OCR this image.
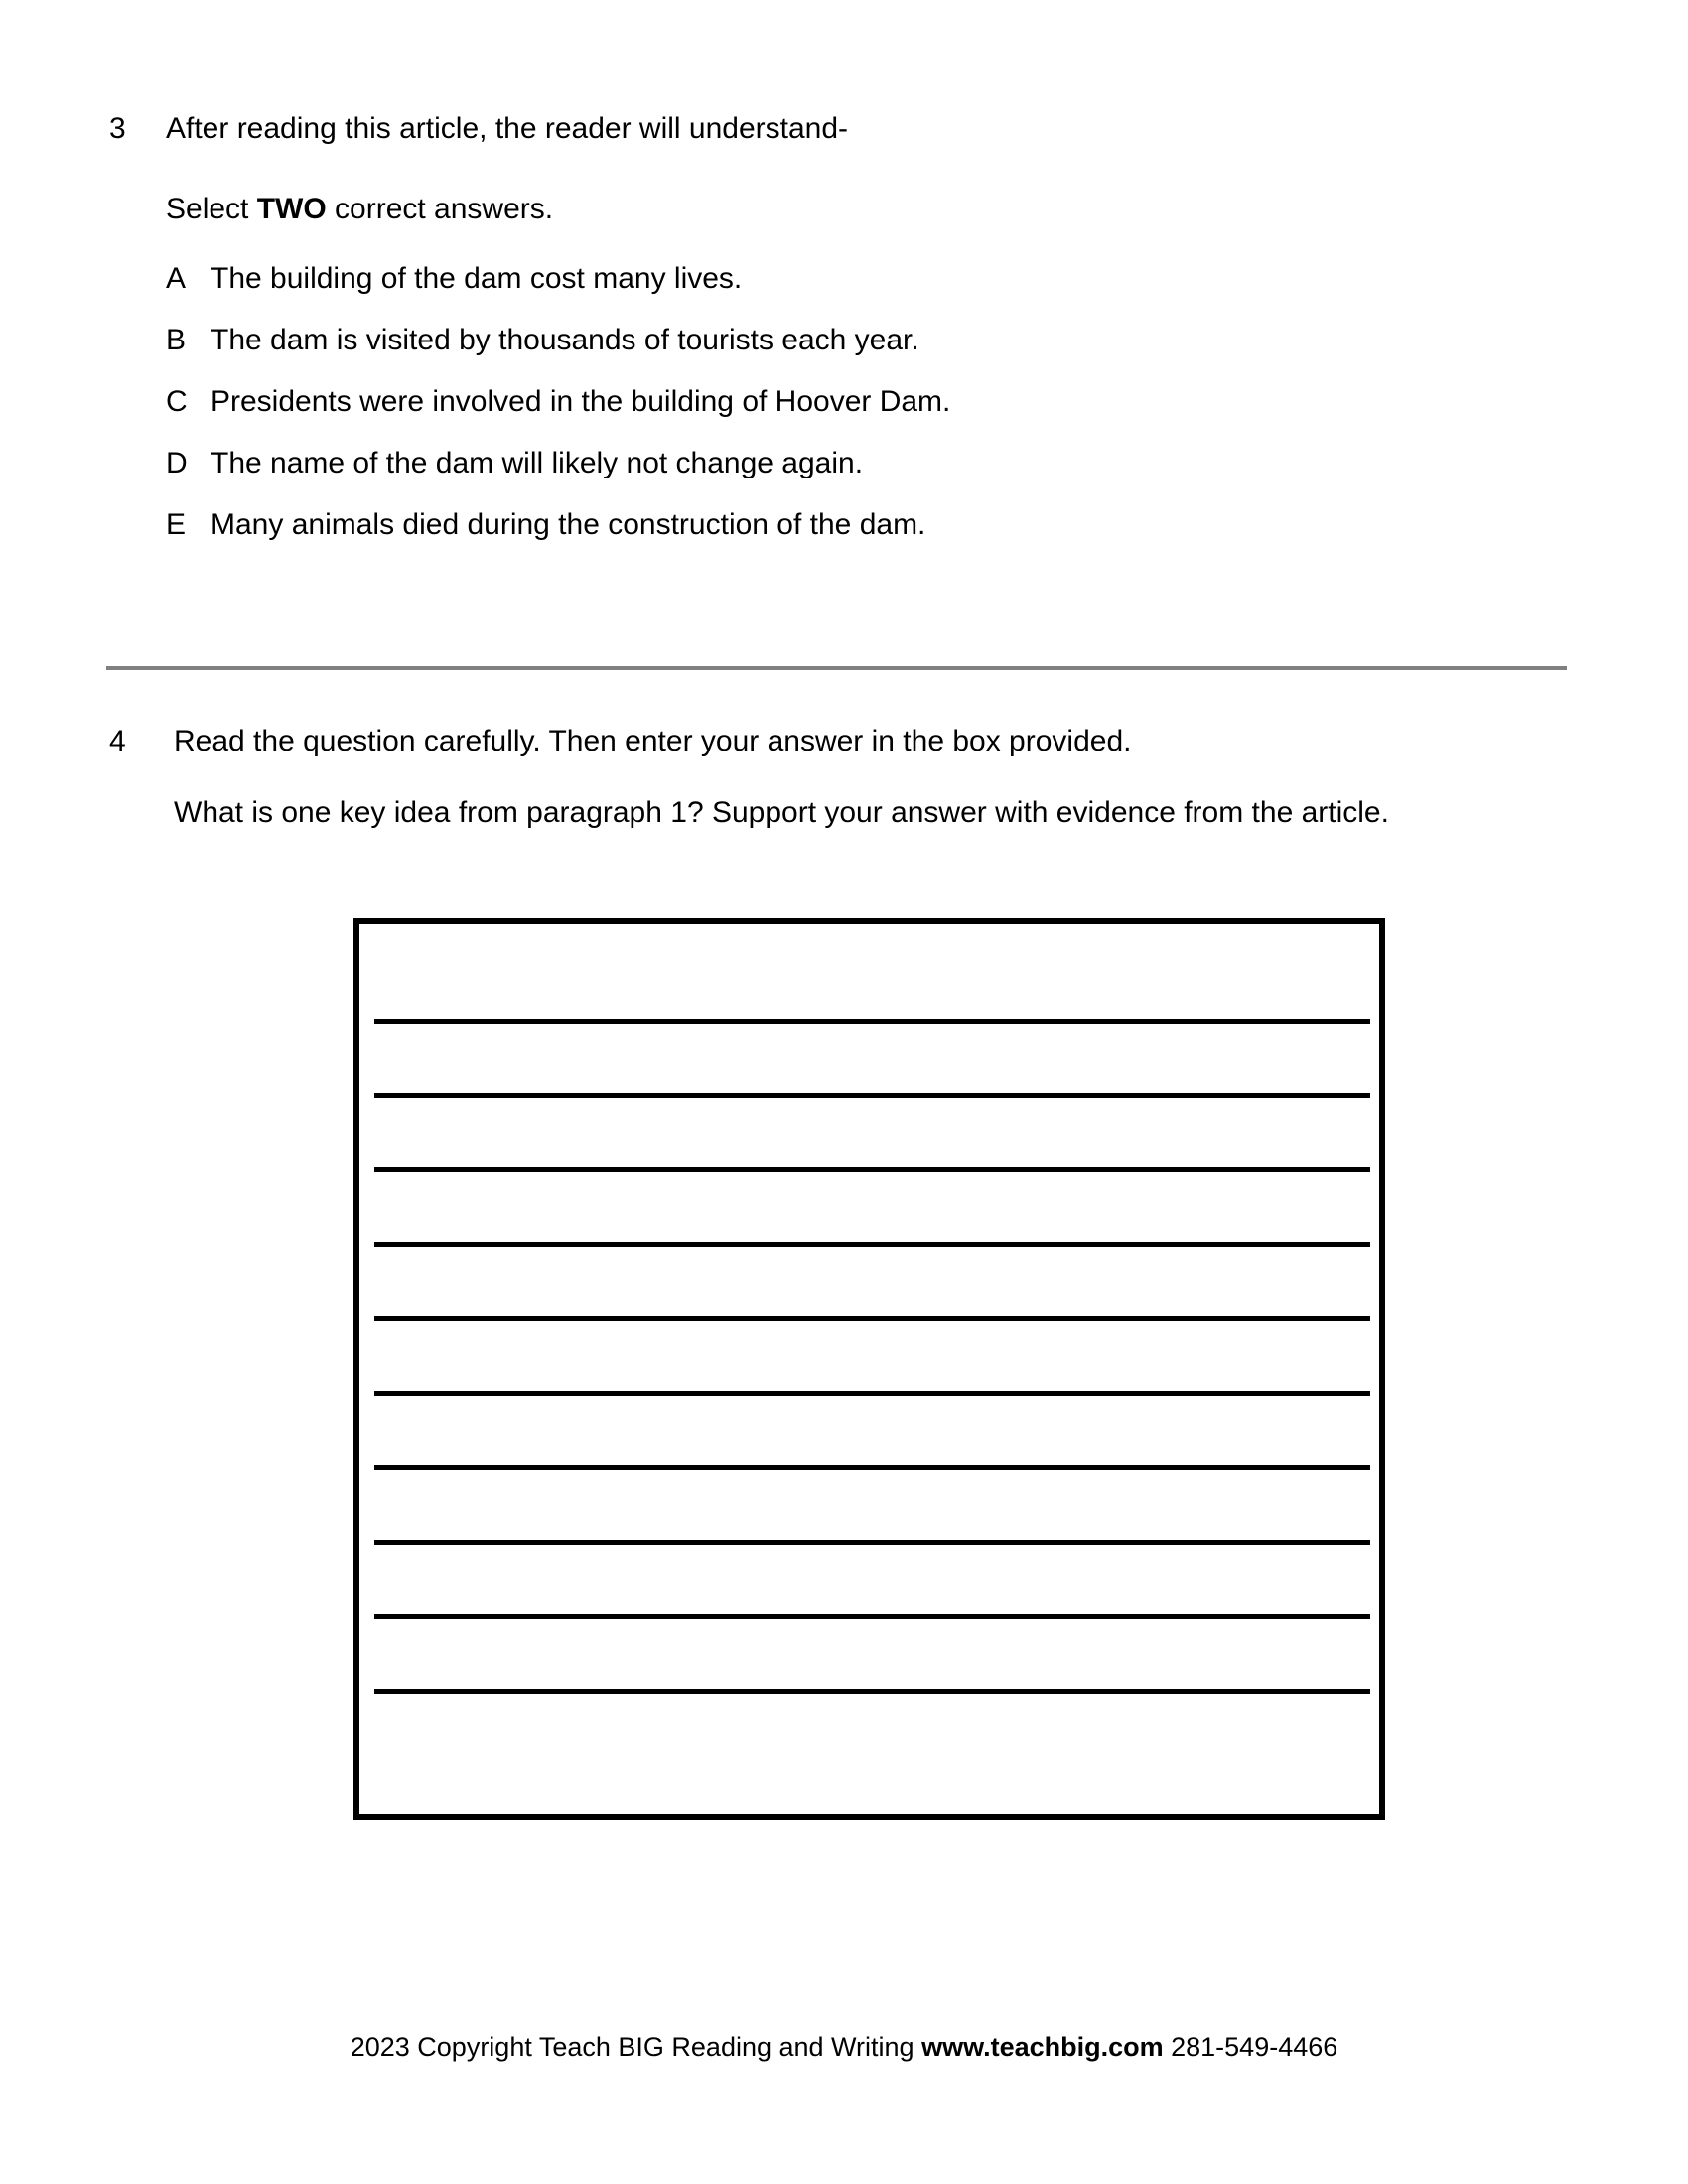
3	After reading this article, the reader will understand-
Select TWO correct answers.
A The building of the dam cost many lives.
B The dam is visited by thousands of tourists each year.
C Presidents were involved in the building of Hoover Dam.
D The name of the dam will likely not change again.
E Many animals died during the construction of the dam.
4	Read the question carefully. Then enter your answer in the box provided.
What is one key idea from paragraph 1? Support your answer with evidence from the article.
2023 Copyright Teach BIG Reading and Writing www.teachbig.com 281-549-4466
